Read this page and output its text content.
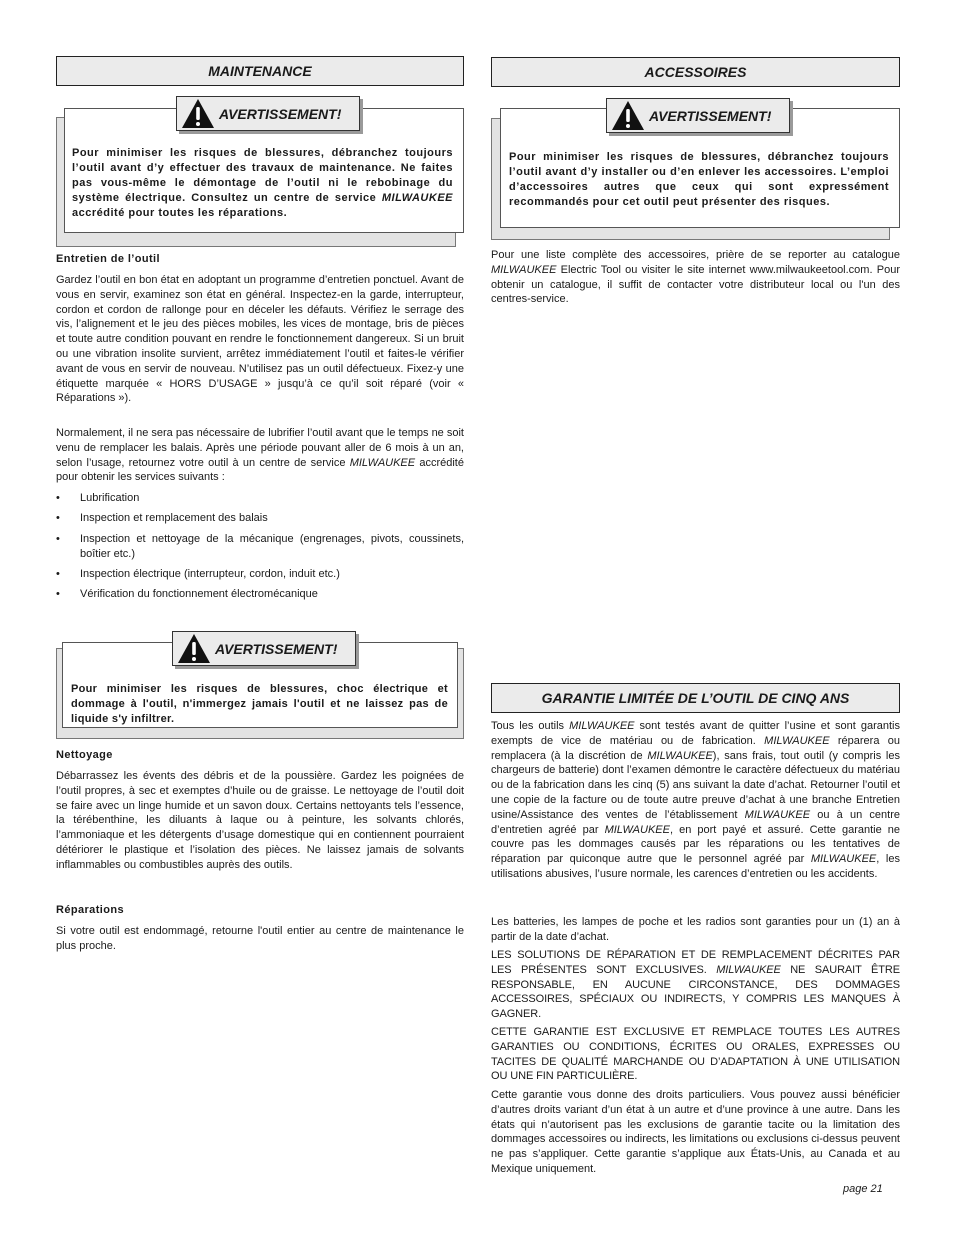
MAINTENANCE

Pour minimiser les risques de blessures, débranchez toujours l’outil avant d’y effectuer des travaux de maintenance. Ne faites pas vous-même le démontage de l’outil ni le rebobinage du système électrique. Consultez un centre de service MILWAUKEE accrédité pour toutes les réparations.

AVERTISSEMENT!

Entretien de l’outil

Gardez l’outil en bon état en adoptant un programme d’entretien ponctuel. Avant de vous en servir, examinez son état en général. Inspectez-en la garde, interrupteur, cordon et cordon de rallonge pour en déceler les défauts. Vérifiez le serrage des vis, l’alignement et le jeu des pièces mobiles, les vices de montage, bris de pièces et toute autre condition pouvant en rendre le fonctionnement dangereux. Si un bruit ou une vibration insolite survient, arrêtez immédiatement l’outil et faites-le vérifier avant de vous en servir de nouveau. N’utilisez pas un outil défectueux. Fixez-y une étiquette marquée « HORS D’USAGE » jusqu’à ce qu’il soit réparé (voir « Réparations »).

Normalement, il ne sera pas nécessaire de lubrifier l’outil avant que le temps ne soit venu de remplacer les balais. Après une période pouvant aller de 6 mois à un an, selon l’usage, retournez votre outil à un centre de service MILWAUKEE accrédité pour obtenir les services suivants :

• Lubrification
• Inspection et remplacement des balais
• Inspection et nettoyage de la mécanique (engrenages, pivots, coussinets, boîtier etc.)
• Inspection électrique (interrupteur, cordon, induit etc.)
• Vérification du fonctionnement électromécanique

Pour minimiser les risques de blessures, choc électrique et dommage à l'outil, n'immergez jamais l'outil et ne laissez pas de liquide s'y infiltrer.

AVERTISSEMENT!

Nettoyage

Débarrassez les évents des débris et de la poussière. Gardez les poignées de l’outil propres, à sec et exemptes d’huile ou de graisse. Le nettoyage de l’outil doit se faire avec un linge humide et un savon doux. Certains nettoyants tels l’essence, la térébenthine, les diluants à laque ou à peinture, les solvants chlorés, l’ammoniaque et les détergents d’usage domestique qui en contiennent pourraient détériorer le plastique et l’isolation des pièces. Ne laissez jamais de solvants inflammables ou combustibles auprès des outils.

Réparations

Si votre outil est endommagé, retourne l'outil entier au centre de maintenance le plus proche.

ACCESSOIRES

Pour minimiser les risques de blessures, débranchez toujours l’outil avant d’y installer ou d’en enlever les accessoires. L’emploi d’accessoires autres que ceux qui sont expressément recommandés pour cet outil peut présenter des risques.

AVERTISSEMENT!

Pour une liste complète des accessoires, prière de se reporter au catalogue MILWAUKEE Electric Tool ou visiter le site internet www.milwaukeetool.com. Pour obtenir un catalogue, il suffit de contacter votre distributeur local ou l'un des centres-service.

GARANTIE LIMITÉE DE L’OUTIL DE CINQ ANS

Tous les outils MILWAUKEE sont testés avant de quitter l’usine et sont garantis exempts de vice de matériau ou de fabrication. MILWAUKEE réparera ou remplacera (à la discrétion de MILWAUKEE), sans frais, tout outil (y compris les chargeurs de batterie) dont l’examen démontre le caractère défectueux du matériau ou de la fabrication dans les cinq (5) ans suivant la date d’achat. Retourner l’outil et une copie de la facture ou de toute autre preuve d’achat à une branche Entretien usine/Assistance des ventes de l’établissement MILWAUKEE ou à un centre d’entretien agréé par MILWAUKEE, en port payé et assuré. Cette garantie ne couvre pas les dommages causés par les réparations ou les tentatives de réparation par quiconque autre que le personnel agréé par MILWAUKEE, les utilisations abusives, l’usure normale, les carences d’entretien ou les accidents.

Les batteries, les lampes de poche et les radios sont garanties pour un (1) an à partir de la date d’achat.

LES SOLUTIONS DE RÉPARATION ET DE REMPLACEMENT DÉCRITES PAR LES PRÉSENTES SONT EXCLUSIVES. MILWAUKEE NE SAURAIT ÊTRE RESPONSABLE, EN AUCUNE CIRCONSTANCE, DES DOMMAGES ACCESSOIRES, SPÉCIAUX OU INDIRECTS, Y COMPRIS LES MANQUES À GAGNER.

CETTE GARANTIE EST EXCLUSIVE ET REMPLACE TOUTES LES AUTRES GARANTIES OU CONDITIONS, ÉCRITES OU ORALES, EXPRESSES OU TACITES DE QUALITÉ MARCHANDE OU D’ADAPTATION À UNE UTILISATION OU UNE FIN PARTICULIÈRE.

Cette garantie vous donne des droits particuliers. Vous pouvez aussi bénéficier d’autres droits variant d’un état à un autre et d’une province à une autre. Dans les états qui n’autorisent pas les exclusions de garantie tacite ou la limitation des dommages accessoires ou indirects, les limitations ou exclusions ci-dessus peuvent ne pas s’appliquer. Cette garantie s’applique aux États-Unis, au Canada et au Mexique uniquement.

page 21
